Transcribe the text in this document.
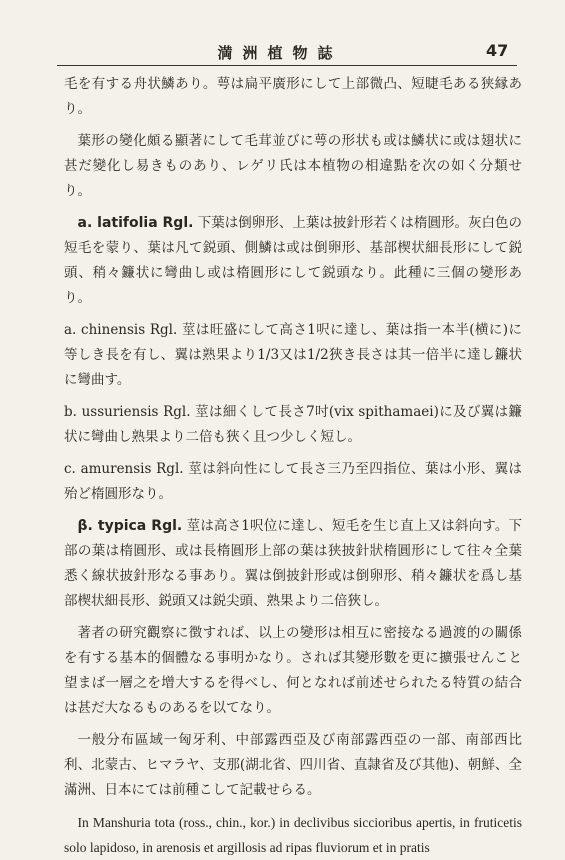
満洲植物誌	47

毛を有する舟状鱗あり。萼は扁平廣形にして上部微凸、短睫毛ある狭縁あり。

葉形の變化頗る顯著にして毛茸並びに萼の形状も或は鱗状に或は翅状に甚だ變化し易きものあり、レゲリ氏は本植物の相違點を次の如く分類せり。

a. latifolia Rgl. 下葉は倒卵形、上葉は披針形若くは楕圓形。灰白色の短毛を蒙り、葉は凡て鋭頭、側鱗は或は倒卵形、基部楔状細長形にして鋭頭、稍々鐮状に彎曲し或は楕圓形にして鋭頭なり。此種に三個の變形あり。

a. chinensis Rgl. 莖は旺盛にして高さ1呎に達し、葉は指一本半(横に)に等しき長を有し、翼は熟果より1/3又は1/2狹き長さは其一倍半に達し鐮状に彎曲す。

b. ussuriensis Rgl. 莖は細くして長さ7吋(vix spithamaei)に及び翼は鐮状に彎曲し熟果より二倍も狹く且つ少しく短し。

c. amurensis Rgl. 莖は斜向性にして長さ三乃至四指位、葉は小形、翼は殆ど楕圓形なり。

β. typica Rgl. 莖は高さ1呎位に達し、短毛を生じ直上又は斜向す。下部の葉は楕圓形、或は長楕圓形上部の葉は狭披針狀楕圓形にして往々全葉悉く線状披針形なる事あり。翼は倒披針形或は倒卵形、稍々鐮状を爲し基部楔状細長形、鋭頭又は鋭尖頭、熟果より二倍狹し。

著者の研究觀察に徴すれば、以上の變形は相互に密接なる過渡的の關係を有する基本的個體なる事明かなり。されば其變形數を更に擴張せんこと望まば一層之を增大するを得べし、何となれば前述せられたる特質の結合は甚だ大なるものあるを以てなり。

一般分布區域一匈牙利、中部露西亞及び南部露西亞の一部、南部西比利、北蒙古、ヒマラヤ、支那(湖北省、四川省、直隷省及び其他)、朝鮮、全滿洲、日本にては前種こして記載せらる。

In Manshuria tota (ross., chin., kor.) in declivibus siccioribus apertis, in fruticetis solo lapidoso, in arenosis et argillosis ad ripas fluviorum et in pratis
